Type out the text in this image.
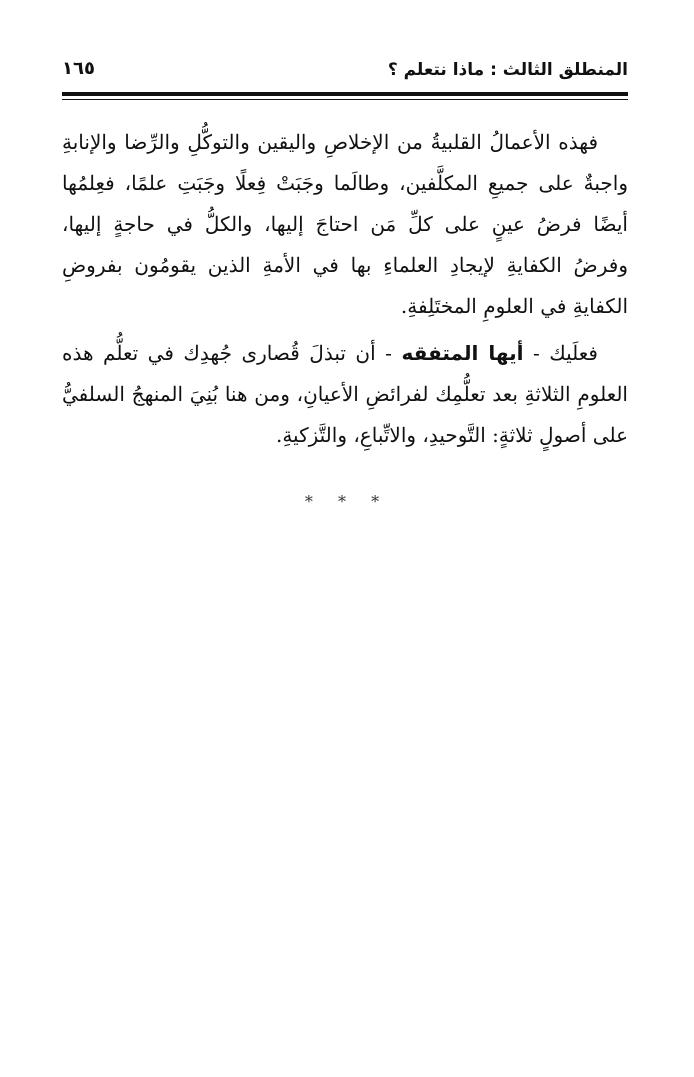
المنطلق الثالث : ماذا نتعلم ؟
١٦٥

فهذه الأعمالُ القلبيةُ من الإخلاصِ واليقين والتوكُّلِ والرِّضا والإنابةِ واجبةٌ على جميعِ المكلَّفين، وطالَما وجَبَتْ فِعلًا وجَبَتِ علمًا، فعِلمُها أيضًا فرضُ عينٍ على كلِّ مَن احتاجَ إليها، والكلُّ في حاجةٍ إليها، وفرضُ الكفايةِ لإيجادِ العلماءِ بها في الأمةِ الذين يقومُون بفروضِ الكفايةِ في العلومِ المختَلِفةِ.

فعلَيك - أيها المتفقه - أن تبذلَ قُصارى جُهدِك في تعلُّم هذه العلومِ الثلاثةِ بعد تعلُّمِك لفرائضِ الأعيانِ، ومن هنا بُنِيَ المنهجُ السلفيُّ على أصولٍ ثلاثةٍ: التَّوحيدِ، والاتِّباعِ، والتَّزكيةِ.

* * *
